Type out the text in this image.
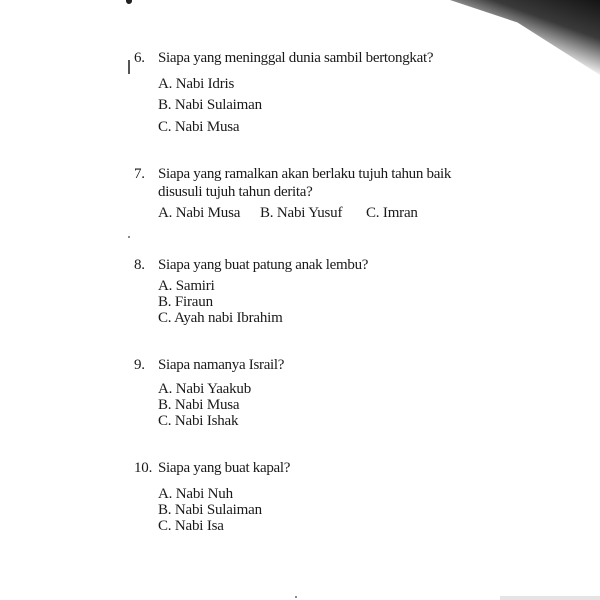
6. Siapa yang meninggal dunia sambil bertongkat?
A. Nabi Idris
B. Nabi Sulaiman
C. Nabi Musa
7. Siapa yang ramalkan akan berlaku tujuh tahun baik disusuli tujuh tahun derita?
A. Nabi Musa B. Nabi Yusuf C. Imran
8. Siapa yang buat patung anak lembu?
A. Samiri
B. Firaun
C. Ayah nabi Ibrahim
9. Siapa namanya Israil?
A. Nabi Yaakub
B. Nabi Musa
C. Nabi Ishak
10. Siapa yang buat kapal?
A. Nabi Nuh
B. Nabi Sulaiman
C. Nabi Isa
